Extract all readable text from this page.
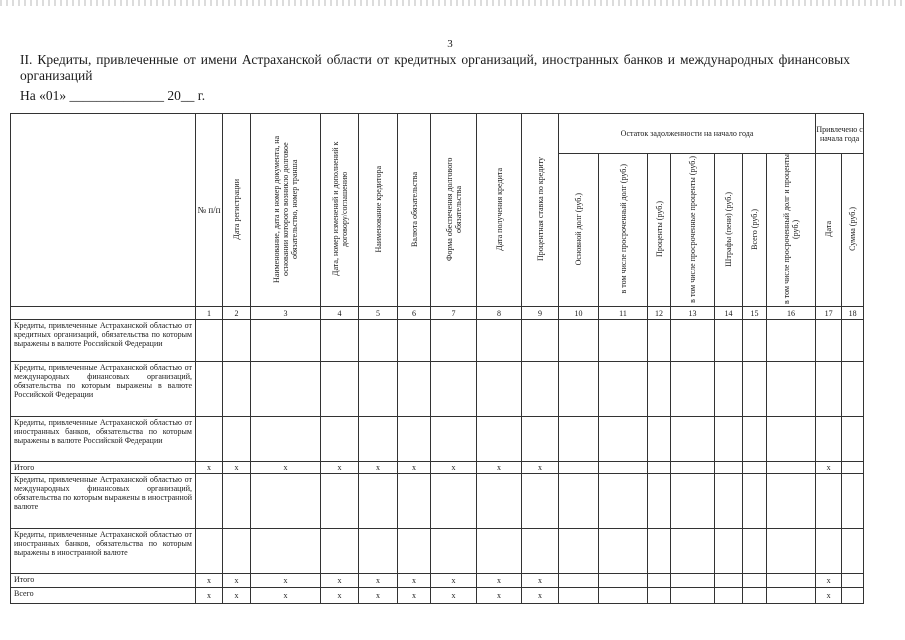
3
II. Кредиты, привлеченные от имени Астраханской области от кредитных организаций, иностранных банков и международных финансовых организаций
На «01» ______________ 20__ г.

	№ п/п	Дата регистрации	Наименование, дата и номер документа, на основании которого возникло долговое обязательство, номер транша	Дата, номер изменений и дополнений к договору/соглашению	Наименование кредитора	Валюта обязательства	Форма обеспечения долгового обязательства	Дата получения кредита	Процентная ставка по кредиту	Остаток задолженности на начало года							Привлечено с начала года	
										Основной долг (руб.)	в том числе просроченный долг (руб.)	Проценты (руб.)	в том числе просроченные проценты (руб.)	Штрафы (пени) (руб.)	Всего (руб.)	в том числе просроченный долг и проценты (руб.)	Дата	Сумма (руб.)
	1	2	3	4	5	6	7	8	9	10	11	12	13	14	15	16	17	18
Кредиты, привлеченные Астраханской областью от кредитных организаций, обязательства по которым выражены в валюте Российской Федерации																		
Кредиты, привлеченные Астраханской областью от международных финансовых организаций, обязательства по которым выражены в валюте Российской Федерации																		
Кредиты, привлеченные Астраханской областью от иностранных банков, обязательства по которым выражены в валюте Российской Федерации																		
Итого	x	x	x	x	x	x	x	x	x								x	
Кредиты, привлеченные Астраханской областью от международных финансовых организаций, обязательства по которым выражены в иностранной валюте																		
Кредиты, привлеченные Астраханской областью от иностранных банков, обязательства по которым выражены в иностранной валюте																		
Итого	x	x	x	x	x	x	x	x	x								x	
Всего	x	x	x	x	x	x	x	x	x								x	
